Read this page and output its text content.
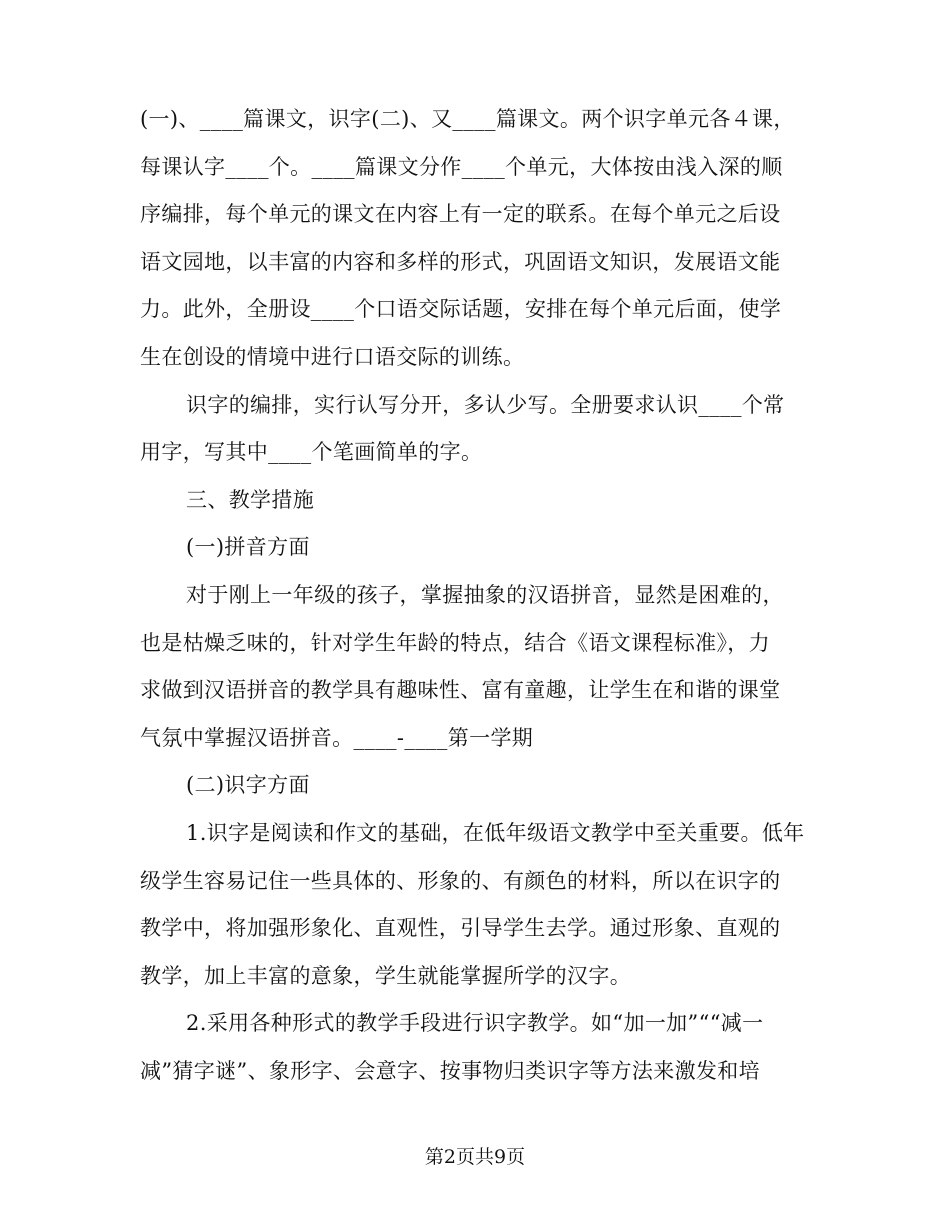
(一)、____篇课文，识字(二)、又____篇课文。两个识字单元各４课，

每课认字____个。____篇课文分作____个单元，大体按由浅入深的顺

序编排，每个单元的课文在内容上有一定的联系。在每个单元之后设

语文园地，以丰富的内容和多样的形式，巩固语文知识，发展语文能

力。此外，全册设____个口语交际话题，安排在每个单元后面，使学

生在创设的情境中进行口语交际的训练。

识字的编排，实行认写分开，多认少写。全册要求认识____个常

用字，写其中____个笔画简单的字。

三、教学措施

(一)拼音方面

对于刚上一年级的孩子，掌握抽象的汉语拼音，显然是困难的，

也是枯燥乏味的，针对学生年龄的特点，结合《语文课程标准》，力

求做到汉语拼音的教学具有趣味性、富有童趣，让学生在和谐的课堂

气氛中掌握汉语拼音。____-____第一学期

(二)识字方面

1.识字是阅读和作文的基础，在低年级语文教学中至关重要。低年

级学生容易记住一些具体的、形象的、有颜色的材料，所以在识字的

教学中，将加强形象化、直观性，引导学生去学。通过形象、直观的

教学，加上丰富的意象，学生就能掌握所学的汉字。

2.采用各种形式的教学手段进行识字教学。如“加一加”““减一

减”猜字谜”、象形字、会意字、按事物归类识字等方法来激发和培

第2页共9页
